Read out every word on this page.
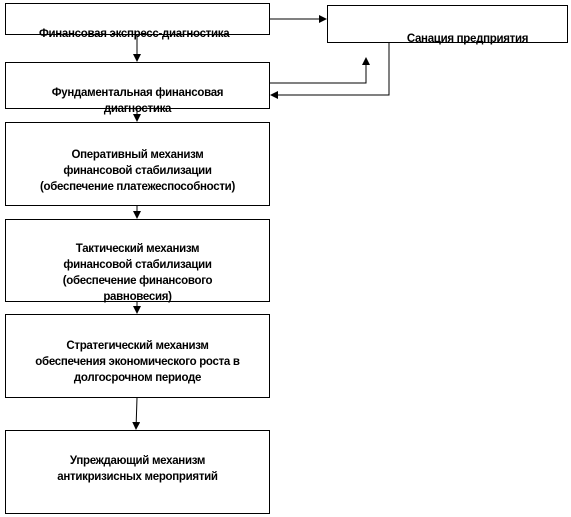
Финансовая экспресс-диагностика	Санация предприятия

Фундаментальная финансовая
диагностика

Оперативный механизм
финансовой стабилизации
(обеспечение платежеспособности)

Тактический механизм
финансовой стабилизации
(обеспечение финансового
равновесия)

Стратегический механизм
обеспечения экономического роста в
долгосрочном периоде

Упреждающий механизм
антикризисных мероприятий
